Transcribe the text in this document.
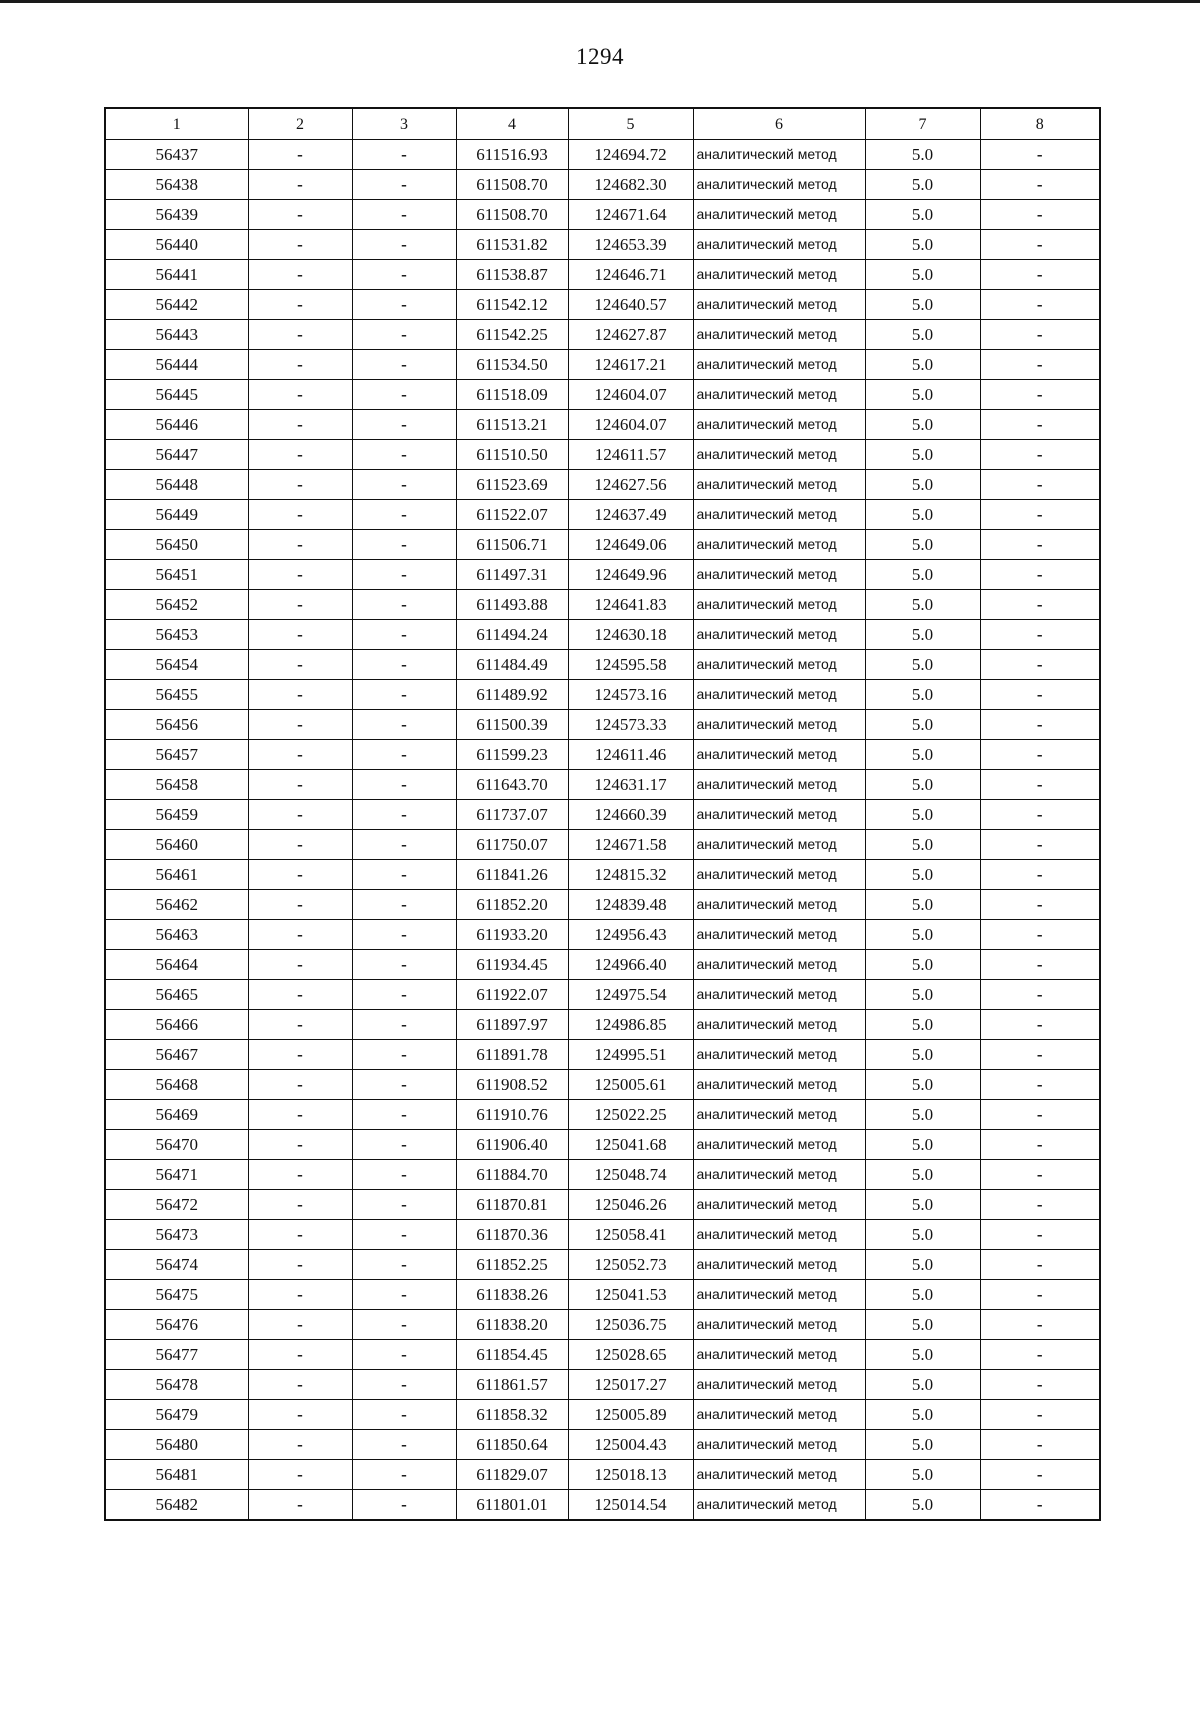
1294
1	2	3	4	5	6	7	8
56437	-	-	611516.93	124694.72	аналитический метод	5.0	-
56438	-	-	611508.70	124682.30	аналитический метод	5.0	-
56439	-	-	611508.70	124671.64	аналитический метод	5.0	-
56440	-	-	611531.82	124653.39	аналитический метод	5.0	-
56441	-	-	611538.87	124646.71	аналитический метод	5.0	-
56442	-	-	611542.12	124640.57	аналитический метод	5.0	-
56443	-	-	611542.25	124627.87	аналитический метод	5.0	-
56444	-	-	611534.50	124617.21	аналитический метод	5.0	-
56445	-	-	611518.09	124604.07	аналитический метод	5.0	-
56446	-	-	611513.21	124604.07	аналитический метод	5.0	-
56447	-	-	611510.50	124611.57	аналитический метод	5.0	-
56448	-	-	611523.69	124627.56	аналитический метод	5.0	-
56449	-	-	611522.07	124637.49	аналитический метод	5.0	-
56450	-	-	611506.71	124649.06	аналитический метод	5.0	-
56451	-	-	611497.31	124649.96	аналитический метод	5.0	-
56452	-	-	611493.88	124641.83	аналитический метод	5.0	-
56453	-	-	611494.24	124630.18	аналитический метод	5.0	-
56454	-	-	611484.49	124595.58	аналитический метод	5.0	-
56455	-	-	611489.92	124573.16	аналитический метод	5.0	-
56456	-	-	611500.39	124573.33	аналитический метод	5.0	-
56457	-	-	611599.23	124611.46	аналитический метод	5.0	-
56458	-	-	611643.70	124631.17	аналитический метод	5.0	-
56459	-	-	611737.07	124660.39	аналитический метод	5.0	-
56460	-	-	611750.07	124671.58	аналитический метод	5.0	-
56461	-	-	611841.26	124815.32	аналитический метод	5.0	-
56462	-	-	611852.20	124839.48	аналитический метод	5.0	-
56463	-	-	611933.20	124956.43	аналитический метод	5.0	-
56464	-	-	611934.45	124966.40	аналитический метод	5.0	-
56465	-	-	611922.07	124975.54	аналитический метод	5.0	-
56466	-	-	611897.97	124986.85	аналитический метод	5.0	-
56467	-	-	611891.78	124995.51	аналитический метод	5.0	-
56468	-	-	611908.52	125005.61	аналитический метод	5.0	-
56469	-	-	611910.76	125022.25	аналитический метод	5.0	-
56470	-	-	611906.40	125041.68	аналитический метод	5.0	-
56471	-	-	611884.70	125048.74	аналитический метод	5.0	-
56472	-	-	611870.81	125046.26	аналитический метод	5.0	-
56473	-	-	611870.36	125058.41	аналитический метод	5.0	-
56474	-	-	611852.25	125052.73	аналитический метод	5.0	-
56475	-	-	611838.26	125041.53	аналитический метод	5.0	-
56476	-	-	611838.20	125036.75	аналитический метод	5.0	-
56477	-	-	611854.45	125028.65	аналитический метод	5.0	-
56478	-	-	611861.57	125017.27	аналитический метод	5.0	-
56479	-	-	611858.32	125005.89	аналитический метод	5.0	-
56480	-	-	611850.64	125004.43	аналитический метод	5.0	-
56481	-	-	611829.07	125018.13	аналитический метод	5.0	-
56482	-	-	611801.01	125014.54	аналитический метод	5.0	-
